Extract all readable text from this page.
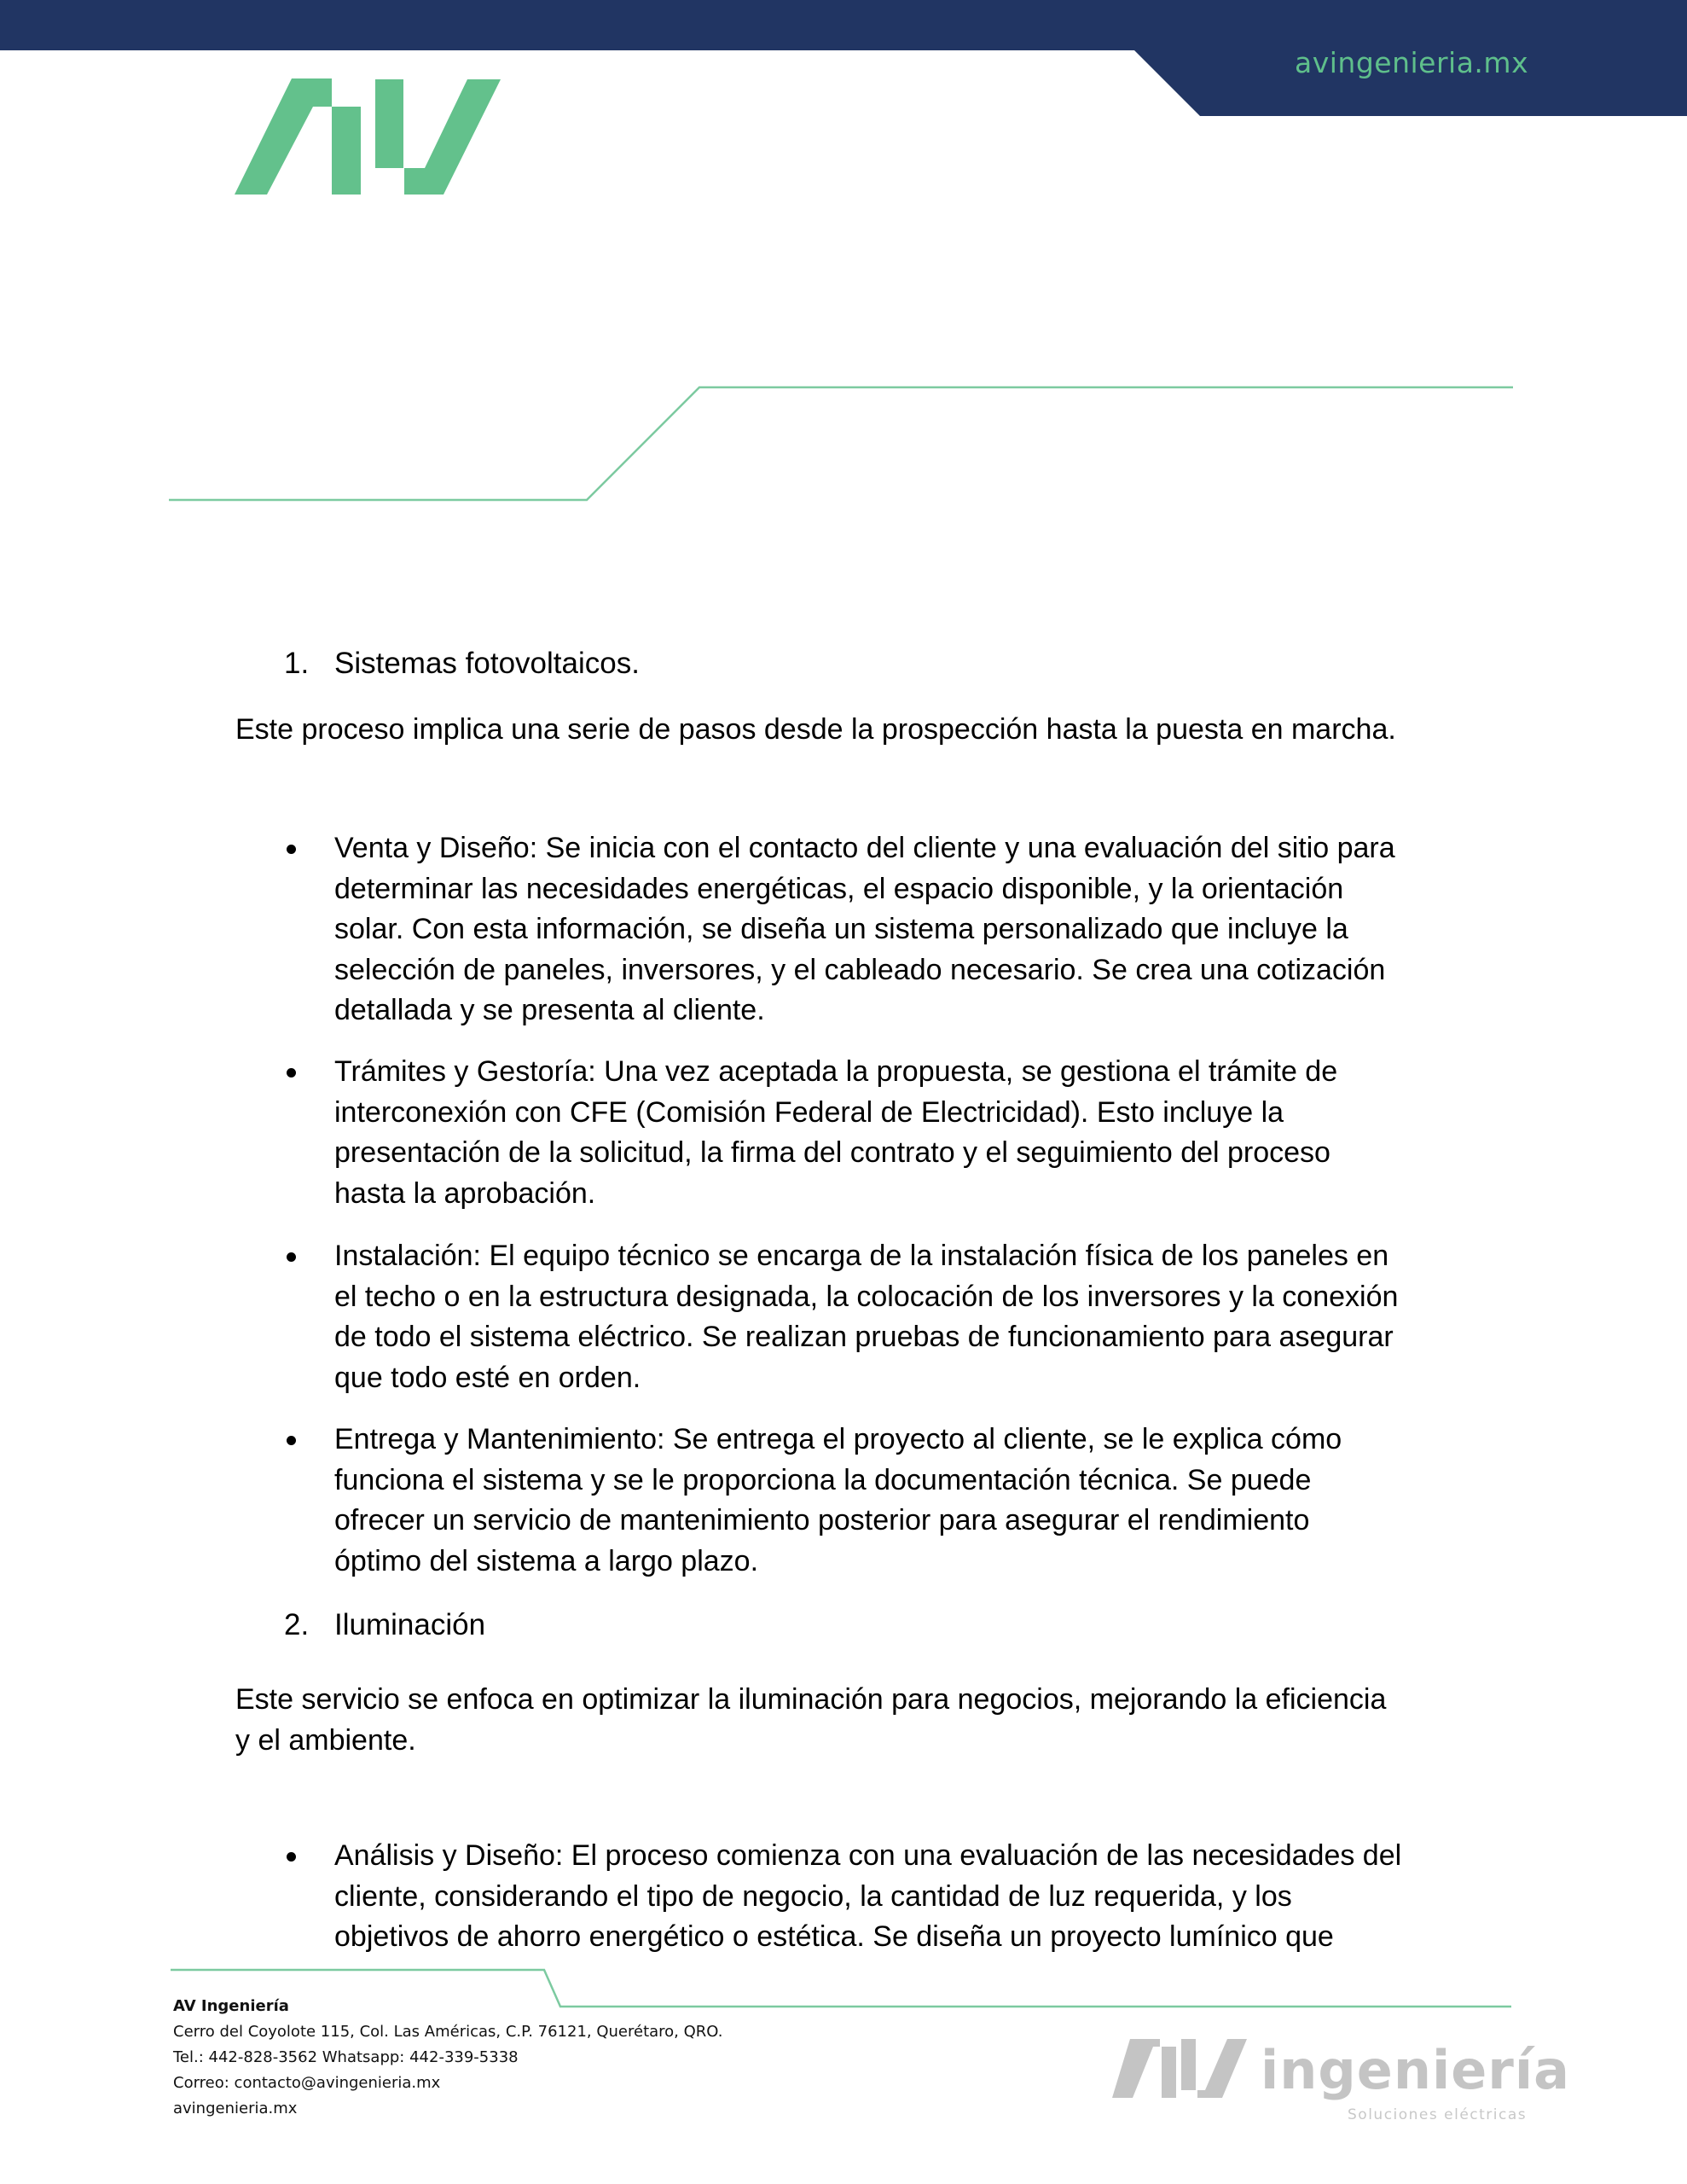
avingenieria.mx
1. Sistemas fotovoltaicos.
Este proceso implica una serie de pasos desde la prospección hasta la puesta en marcha.
Venta y Diseño: Se inicia con el contacto del cliente y una evaluación del sitio para
determinar las necesidades energéticas, el espacio disponible, y la orientación
solar. Con esta información, se diseña un sistema personalizado que incluye la
selección de paneles, inversores, y el cableado necesario. Se crea una cotización
detallada y se presenta al cliente.
Trámites y Gestoría: Una vez aceptada la propuesta, se gestiona el trámite de
interconexión con CFE (Comisión Federal de Electricidad). Esto incluye la
presentación de la solicitud, la firma del contrato y el seguimiento del proceso
hasta la aprobación.
Instalación: El equipo técnico se encarga de la instalación física de los paneles en
el techo o en la estructura designada, la colocación de los inversores y la conexión
de todo el sistema eléctrico. Se realizan pruebas de funcionamiento para asegurar
que todo esté en orden.
Entrega y Mantenimiento: Se entrega el proyecto al cliente, se le explica cómo
funciona el sistema y se le proporciona la documentación técnica. Se puede
ofrecer un servicio de mantenimiento posterior para asegurar el rendimiento
óptimo del sistema a largo plazo.
2. Iluminación
Este servicio se enfoca en optimizar la iluminación para negocios, mejorando la eficiencia
y el ambiente.
Análisis y Diseño: El proceso comienza con una evaluación de las necesidades del
cliente, considerando el tipo de negocio, la cantidad de luz requerida, y los
objetivos de ahorro energético o estética. Se diseña un proyecto lumínico que
AV Ingeniería
Cerro del Coyolote 115, Col. Las Américas, C.P. 76121, Querétaro, QRO.
Tel.: 442-828-3562 Whatsapp: 442-339-5338
Correo: contacto@avingenieria.mx
avingenieria.mx
ingeniería
Soluciones eléctricas
